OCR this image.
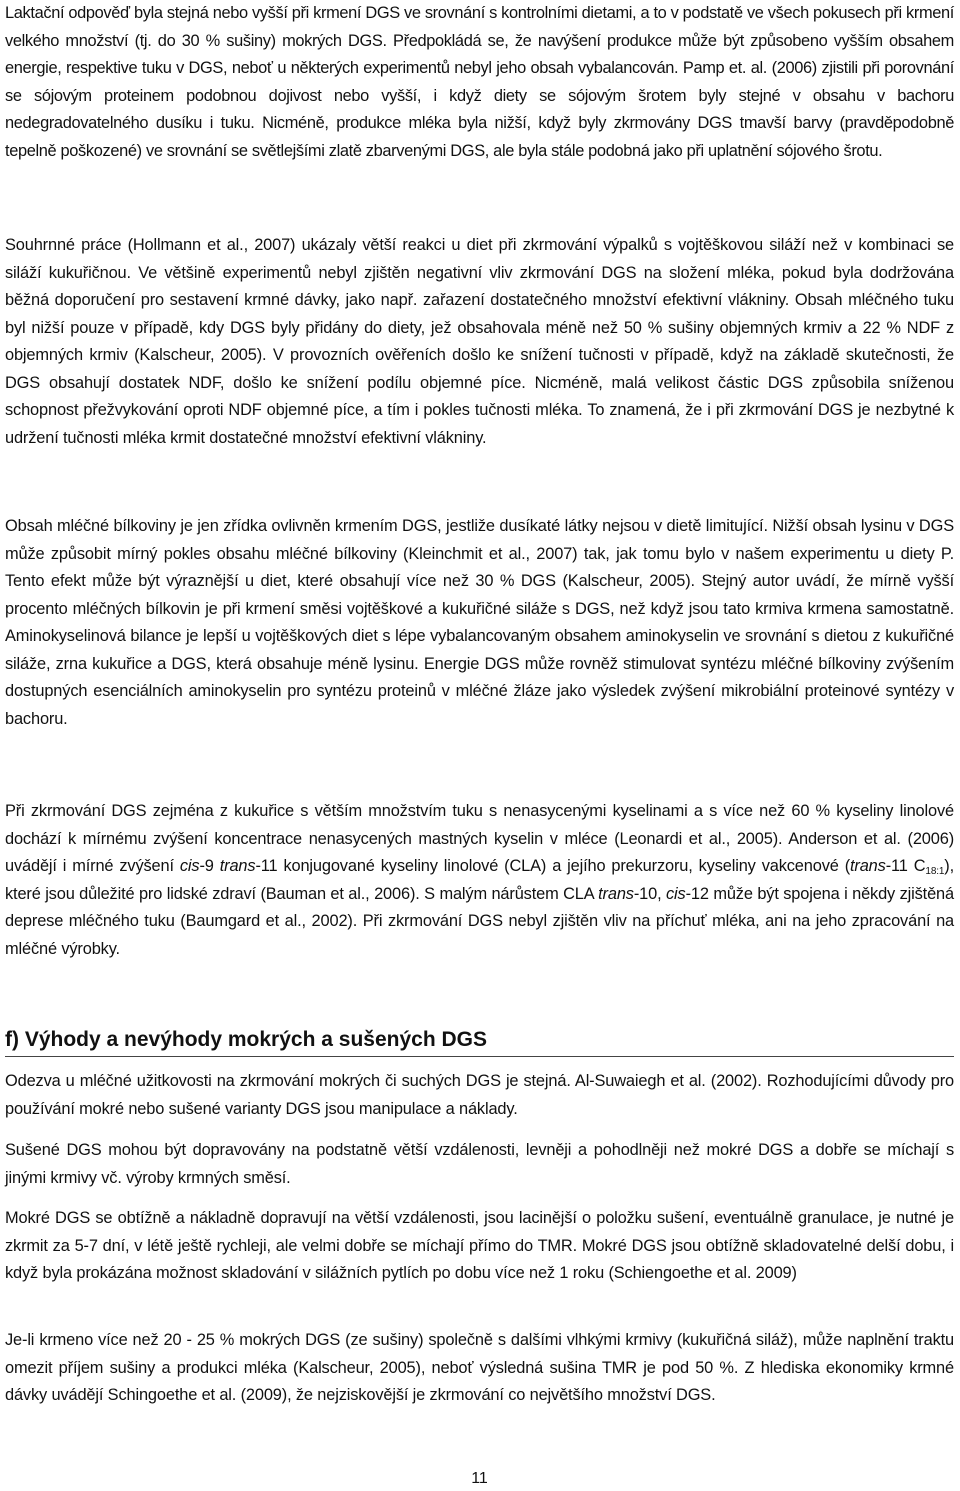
Laktační odpověď byla stejná nebo vyšší při krmení DGS ve srovnání s kontrolními dietami, a to v podstatě ve všech pokusech při krmení velkého množství (tj. do 30 % sušiny) mokrých DGS. Předpokládá se, že navýšení produkce může být způsobeno vyšším obsahem energie, respektive tuku v DGS, neboť u některých experimentů nebyl jeho obsah vybalancován. Pamp et. al. (2006) zjistili při porovnání se sójovým proteinem podobnou dojivost nebo vyšší, i když diety se sójovým šrotem byly stejné v obsahu v bachoru nedegradovatelného dusíku i tuku. Nicméně, produkce mléka byla nižší, když byly zkrmovány DGS tmavší barvy (pravděpodobně tepelně poškozené) ve srovnání se světlejšími zlatě zbarvenými DGS, ale byla stále podobná jako při uplatnění sójového šrotu.

Souhrnné práce (Hollmann et al., 2007) ukázaly větší reakci u diet při zkrmování výpalků s vojtěškovou siláží než v kombinaci se siláží kukuřičnou. Ve většině experimentů nebyl zjištěn negativní vliv zkrmování DGS na složení mléka, pokud byla dodržována běžná doporučení pro sestavení krmné dávky, jako např. zařazení dostatečného množství efektivní vlákniny. Obsah mléčného tuku byl nižší pouze v případě, kdy DGS byly přidány do diety, jež obsahovala méně než 50 % sušiny objemných krmiv a 22 % NDF z objemných krmiv (Kalscheur, 2005). V provozních ověřeních došlo ke snížení tučnosti v případě, když na základě skutečnosti, že DGS obsahují dostatek NDF, došlo ke snížení podílu objemné píce. Nicméně, malá velikost částic DGS způsobila sníženou schopnost přežvykování oproti NDF objemné píce, a tím i pokles tučnosti mléka. To znamená, že i při zkrmování DGS je nezbytné k udržení tučnosti mléka krmit dostatečné množství efektivní vlákniny.

Obsah mléčné bílkoviny je jen zřídka ovlivněn krmením DGS, jestliže dusíkaté látky nejsou v dietě limitující. Nižší obsah lysinu v DGS může způsobit mírný pokles obsahu mléčné bílkoviny (Kleinchmit et al., 2007) tak, jak tomu bylo v našem experimentu u diety P. Tento efekt může být výraznější u diet, které obsahují více než 30 % DGS (Kalscheur, 2005). Stejný autor uvádí, že mírně vyšší procento mléčných bílkovin je při krmení směsi vojtěškové a kukuřičné siláže s DGS, než když jsou tato krmiva krmena samostatně. Aminokyselinová bilance je lepší u vojtěškových diet s lépe vybalancovaným obsahem aminokyselin ve srovnání s dietou z kukuřičné siláže, zrna kukuřice a DGS, která obsahuje méně lysinu. Energie DGS může rovněž stimulovat syntézu mléčné bílkoviny zvýšením dostupných esenciálních aminokyselin pro syntézu proteinů v mléčné žláze jako výsledek zvýšení mikrobiální proteinové syntézy v bachoru.

Při zkrmování DGS zejména z kukuřice s větším množstvím tuku s nenasycenými kyselinami a s více než 60 % kyseliny linolové dochází k mírnému zvýšení koncentrace nenasycených mastných kyselin v mléce (Leonardi et al., 2005). Anderson et al. (2006) uvádějí i mírné zvýšení cis-9 trans-11 konjugované kyseliny linolové (CLA) a jejího prekurzoru, kyseliny vakcenové (trans-11 $C_{18:1}$), které jsou důležité pro lidské zdraví (Bauman et al., 2006). S malým nárůstem CLA trans-10, cis-12 může být spojena i někdy zjištěná deprese mléčného tuku (Baumgard et al., 2002). Při zkrmování DGS nebyl zjištěn vliv na příchuť mléka, ani na jeho zpracování na mléčné výrobky.

f) Výhody a nevýhody mokrých a sušených DGS

Odezva u mléčné užitkovosti na zkrmování mokrých či suchých DGS je stejná. Al-Suwaiegh et al. (2002). Rozhodujícími důvody pro používání mokré nebo sušené varianty DGS jsou manipulace a náklady.

Sušené DGS mohou být dopravovány na podstatně větší vzdálenosti, levněji a pohodlněji než mokré DGS a dobře se míchají s jinými krmivy vč. výroby krmných směsí.

Mokré DGS se obtížně a nákladně dopravují na větší vzdálenosti, jsou lacinější o položku sušení, eventuálně granulace, je nutné je zkrmit za 5-7 dní, v létě ještě rychleji, ale velmi dobře se míchají přímo do TMR. Mokré DGS jsou obtížně skladovatelné delší dobu, i když byla prokázána možnost skladování v silážních pytlích po dobu více než 1 roku (Schiengoethe et al. 2009)

Je-li krmeno více než 20 - 25 % mokrých DGS (ze sušiny) společně s dalšími vlhkými krmivy (kukuřičná siláž), může naplnění traktu omezit příjem sušiny a produkci mléka (Kalscheur, 2005), neboť výsledná sušina TMR je pod 50 %. Z hlediska ekonomiky krmné dávky uvádějí Schingoethe et al. (2009), že nejziskovější je zkrmování co největšího množství DGS.

11
